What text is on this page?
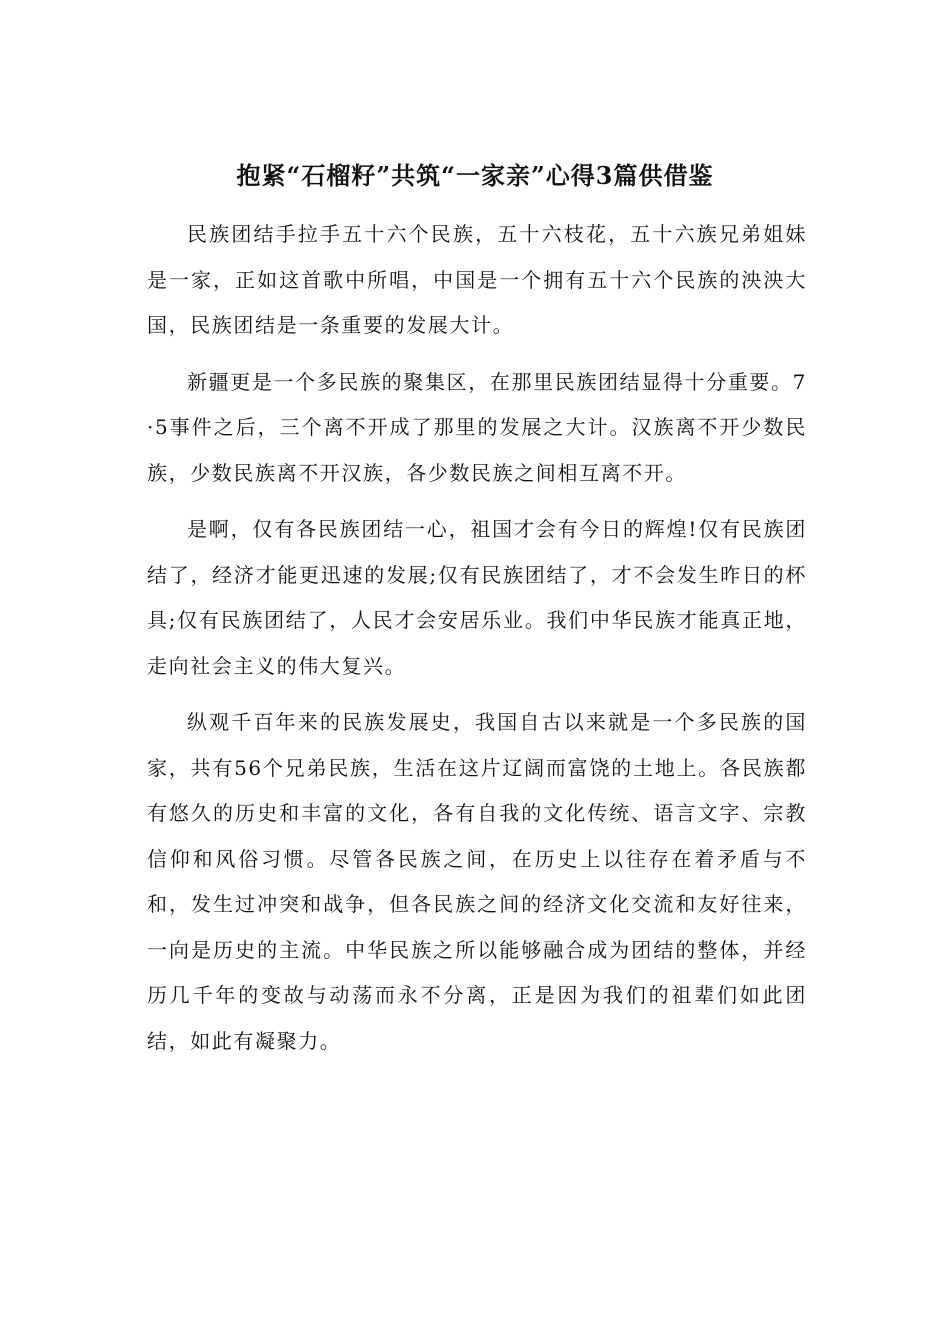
抱紧“石榴籽”共筑“一家亲”心得3篇供借鉴

民族团结手拉手五十六个民族，五十六枝花，五十六族兄弟姐妹是一家，正如这首歌中所唱，中国是一个拥有五十六个民族的泱泱大国，民族团结是一条重要的发展大计。

新疆更是一个多民族的聚集区，在那里民族团结显得十分重要。7·5事件之后，三个离不开成了那里的发展之大计。汉族离不开少数民族，少数民族离不开汉族，各少数民族之间相互离不开。

是啊，仅有各民族团结一心，祖国才会有今日的辉煌!仅有民族团结了，经济才能更迅速的发展;仅有民族团结了，才不会发生昨日的杯具;仅有民族团结了，人民才会安居乐业。我们中华民族才能真正地，走向社会主义的伟大复兴。

纵观千百年来的民族发展史，我国自古以来就是一个多民族的国家，共有56个兄弟民族，生活在这片辽阔而富饶的土地上。各民族都有悠久的历史和丰富的文化，各有自我的文化传统、语言文字、宗教信仰和风俗习惯。尽管各民族之间，在历史上以往存在着矛盾与不和，发生过冲突和战争，但各民族之间的经济文化交流和友好往来，一向是历史的主流。中华民族之所以能够融合成为团结的整体，并经历几千年的变故与动荡而永不分离，正是因为我们的祖辈们如此团结，如此有凝聚力。
